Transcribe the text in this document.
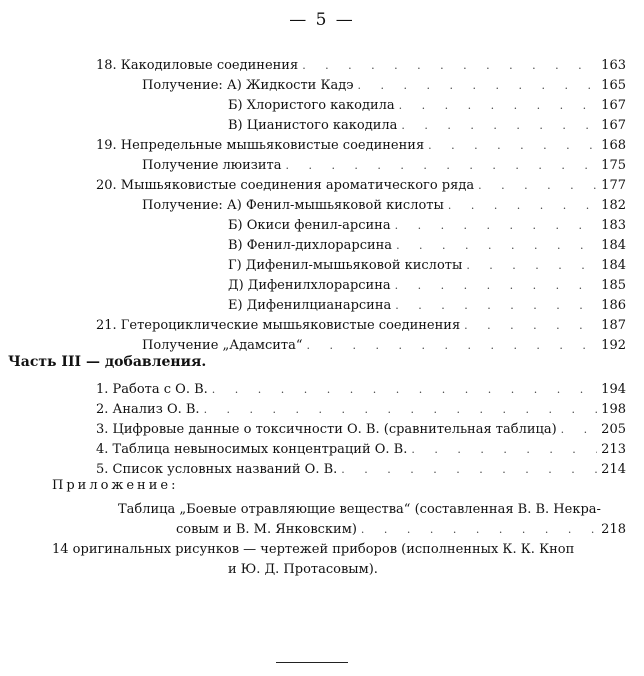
— 5 —
18. Какодиловые соединения . . .	163
Получение: А) Жидкости Кадэ . . .	165
Б) Хлористого какодила . . .	167
В) Цианистого какодила . . .	167
19. Непредельные мышьяковистые соединения . . .	168
Получение люизита . . .	175
20. Мышьяковистые соединения ароматического ряда . . .	177
Получение: А) Фенил-мышьяковой кислоты . . .	182
Б) Окиси фенил-арсина . . .	183
В) Фенил-дихлорарсина . . .	184
Г) Дифенил-мышьяковой кислоты . . .	184
Д) Дифенилхлорарсина . . .	185
Е) Дифенилцианарсина . . .	186
21. Гетероциклические мышьяковистые соединения . . .	187
Получение „Адамсита“ . . .	192
Часть III — добавления.
1. Работа с О. В. . . .	194
2. Анализ О. В. . . .	198
3. Цифровые данные о токсичности О. В. (сравнительная таблица) . . .	205
4. Таблица невыносимых концентраций О. В. . . .	213
5. Список условных названий О. В. . . .	214
Приложение:
Таблица „Боевые отравляющие вещества“ (составленная В. В. Некра-
совым и В. М. Янковским) . . .	218
14 оригинальных рисунков — чертежей приборов (исполненных К. К. Кноп
и Ю. Д. Протасовым).
